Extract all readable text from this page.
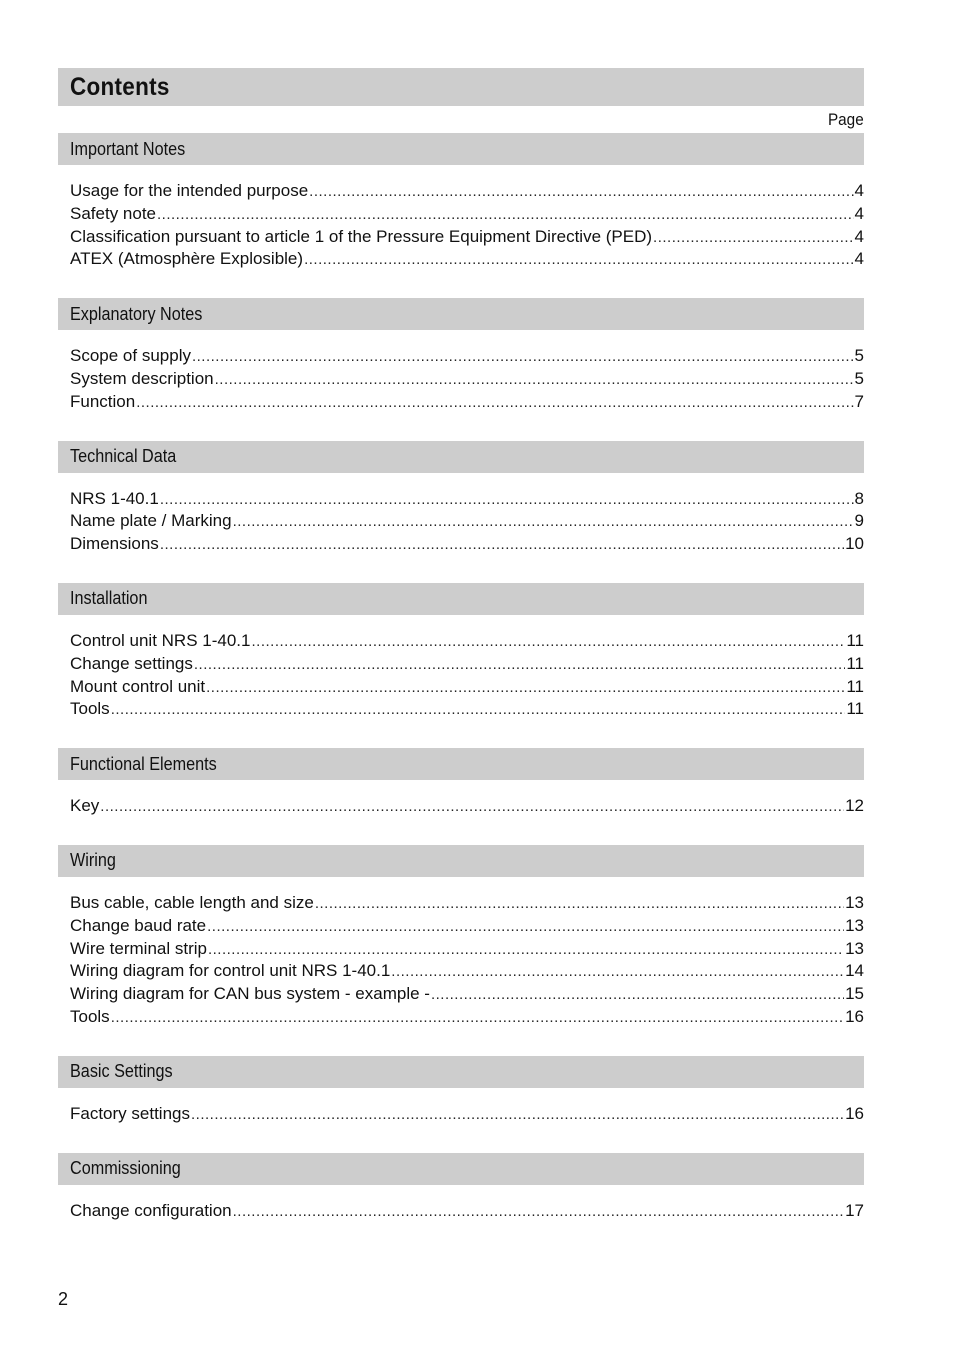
Contents
Page
Important Notes
Usage for the intended purpose .....	4
Safety note .....	4
Classification pursuant to article 1 of the Pressure Equipment Directive (PED) .....	4
ATEX (Atmosphère Explosible) .....	4
Explanatory Notes
Scope of supply .....	5
System description .....	5
Function .....	7
Technical Data
NRS 1-40.1 .....	8
Name plate / Marking .....	9
Dimensions .....	10
Installation
Control unit NRS 1-40.1 .....	11
Change settings .....	11
Mount control unit .....	11
Tools .....	11
Functional Elements
Key .....	12
Wiring
Bus cable, cable length and size .....	13
Change baud rate .....	13
Wire terminal strip .....	13
Wiring diagram for control unit NRS 1-40.1 .....	14
Wiring diagram for CAN bus system - example - .....	15
Tools .....	16
Basic Settings
Factory settings .....	16
Commissioning
Change configuration .....	17
2
